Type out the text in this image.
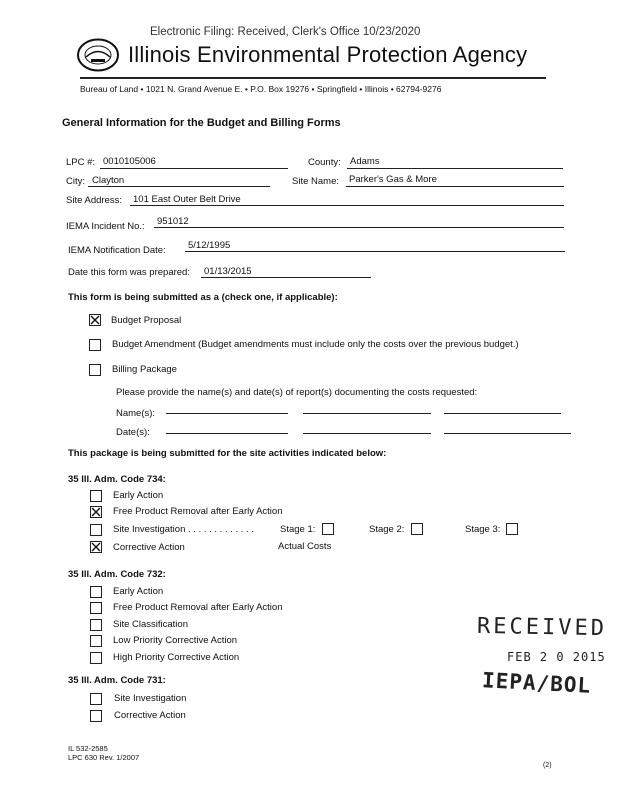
Electronic Filing: Received, Clerk's Office 10/23/2020
Illinois Environmental Protection Agency
Bureau of Land • 1021 N. Grand Avenue E. • P.O. Box 19276 • Springfield • Illinois • 62794-9276
General Information for the Budget and Billing Forms
LPC #: 0010105006	County: Adams
City: Clayton	Site Name: Parker's Gas & More
Site Address: 101 East Outer Belt Drive
IEMA Incident No.: 951012
IEMA Notification Date: 5/12/1995
Date this form was prepared: 01/13/2015
This form is being submitted as a (check one, if applicable):
Budget Proposal
Budget Amendment (Budget amendments must include only the costs over the previous budget.)
Billing Package
Please provide the name(s) and date(s) of report(s) documenting the costs requested:
Name(s):
Date(s):
This package is being submitted for the site activities indicated below:
35 Ill. Adm. Code 734:
Early Action
Free Product Removal after Early Action
Site Investigation . . . . . . . . . . . . .	Stage 1:	Stage 2:	Stage 3:
Corrective Action	Actual Costs
35 Ill. Adm. Code 732:
Early Action
Free Product Removal after Early Action
Site Classification
Low Priority Corrective Action
High Priority Corrective Action
35 Ill. Adm. Code 731:
Site Investigation
Corrective Action
RECEIVED
FEB 2 0 2015
IEPA/BOL
IL 532-2585
LPC 630 Rev. 1/2007
(2)
